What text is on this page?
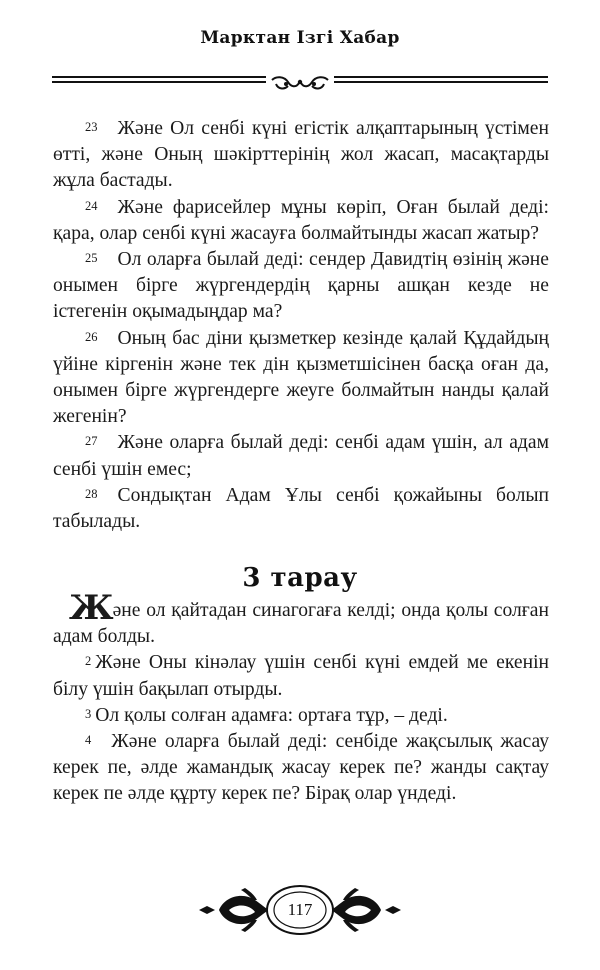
Марктан Ізгі Хабар

23 Және Ол сенбі күні егістік алқаптарының үстімен өтті, және Оның шәкірттерінің жол жасап, масақтарды жұла бастады.

24 Және фарисейлер мұны көріп, Оған былай деді: қара, олар сенбі күні жасауға болмайтынды жасап жатыр?

25 Ол оларға былай деді: сендер Давидтің өзінің және онымен бірге жүргендердің қарны ашқан кезде не істегенін оқымадыңдар ма?

26 Оның бас діни қызметкер кезінде қалай Құдайдың үйіне кіргенін және тек дін қызметшісінен басқа оған да, онымен бірге жүргендерге жеуге болмайтын нанды қалай жегенін?

27 Және оларға былай деді: сенбі адам үшін, ал адам сенбі үшін емес;

28 Сондықтан Адам Ұлы сенбі қожайыны болып табылады.

3 тарау

Және ол қайтадан синагогаға келді; онда қолы солған адам болды.

2 Және Оны кінәлау үшін сенбі күні емдей ме екенін білу үшін бақылап отырды.

3 Ол қолы солған адамға: ортаға тұр, – деді.

4 Және оларға былай деді: сенбіде жақсылық жасау керек пе, әлде жамандық жасау керек пе? жанды сақтау керек пе әлде құрту керек пе? Бірақ олар үндеді.

117
